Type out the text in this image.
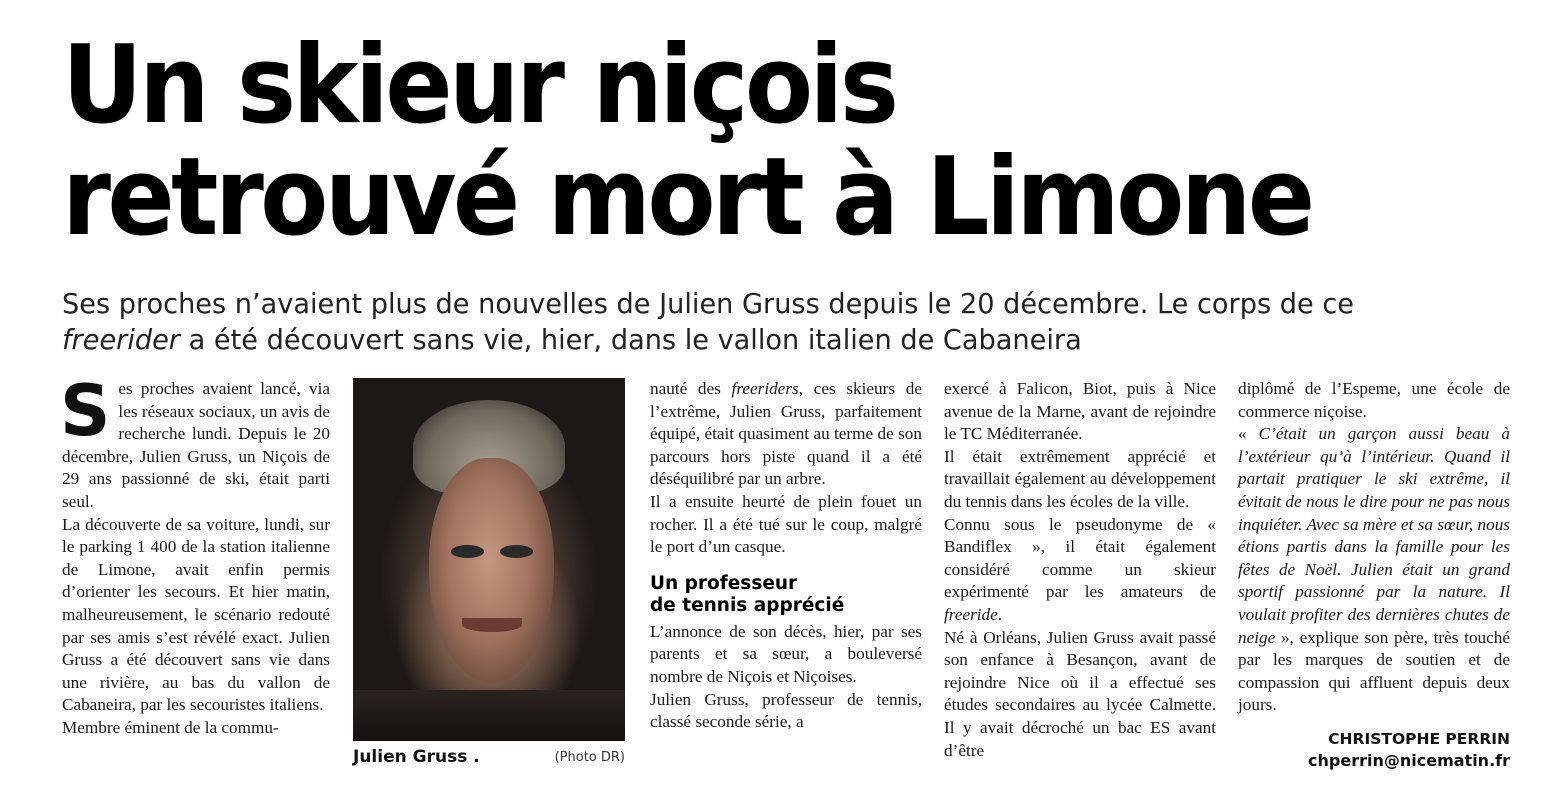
Un skieur niçois
retrouvé mort à Limone
Ses proches n’avaient plus de nouvelles de Julien Gruss depuis le 20 décembre. Le corps de ce freerider a été découvert sans vie, hier, dans le vallon italien de Cabaneira
S es proches avaient lancé, via les réseaux sociaux, un avis de recherche lundi. Depuis le 20 décembre, Julien Gruss, un Niçois de 29 ans passionné de ski, était parti seul.

La découverte de sa voiture, lundi, sur le parking 1 400 de la station italienne de Limone, avait enfin permis d’orienter les secours. Et hier matin, malheureusement, le scénario redouté par ses amis s’est révélé exact. Julien Gruss a été découvert sans vie dans une rivière, au bas du vallon de Cabaneira, par les secouristes italiens.

Membre éminent de la commu-

Julien Gruss .	(Photo DR)

nauté des freeriders, ces skieurs de l’extrême, Julien Gruss, parfaitement équipé, était quasiment au terme de son parcours hors piste quand il a été déséquilibré par un arbre.

Il a ensuite heurté de plein fouet un rocher. Il a été tué sur le coup, malgré le port d’un casque.

Un professeur
de tennis apprécié

L’annonce de son décès, hier, par ses parents et sa sœur, a bouleversé nombre de Niçois et Niçoises.

Julien Gruss, professeur de tennis, classé seconde série, a

exercé à Falicon, Biot, puis à Nice avenue de la Marne, avant de rejoindre le TC Méditerranée.

Il était extrêmement apprécié et travaillait également au développement du tennis dans les écoles de la ville.

Connu sous le pseudonyme de « Bandiflex », il était également considéré comme un skieur expérimenté par les amateurs de freeride.

Né à Orléans, Julien Gruss avait passé son enfance à Besançon, avant de rejoindre Nice où il a effectué ses études secondaires au lycée Calmette. Il y avait décroché un bac ES avant d’être

diplômé de l’Espeme, une école de commerce niçoise.

« C’était un garçon aussi beau à l’extérieur qu’à l’intérieur. Quand il partait pratiquer le ski extrême, il évitait de nous le dire pour ne pas nous inquiéter. Avec sa mère et sa sœur, nous étions partis dans la famille pour les fêtes de Noël. Julien était un grand sportif passionné par la nature. Il voulait profiter des dernières chutes de neige », explique son père, très touché par les marques de soutien et de compassion qui affluent depuis deux jours.

CHRISTOPHE PERRIN
chperrin@nicematin.fr
